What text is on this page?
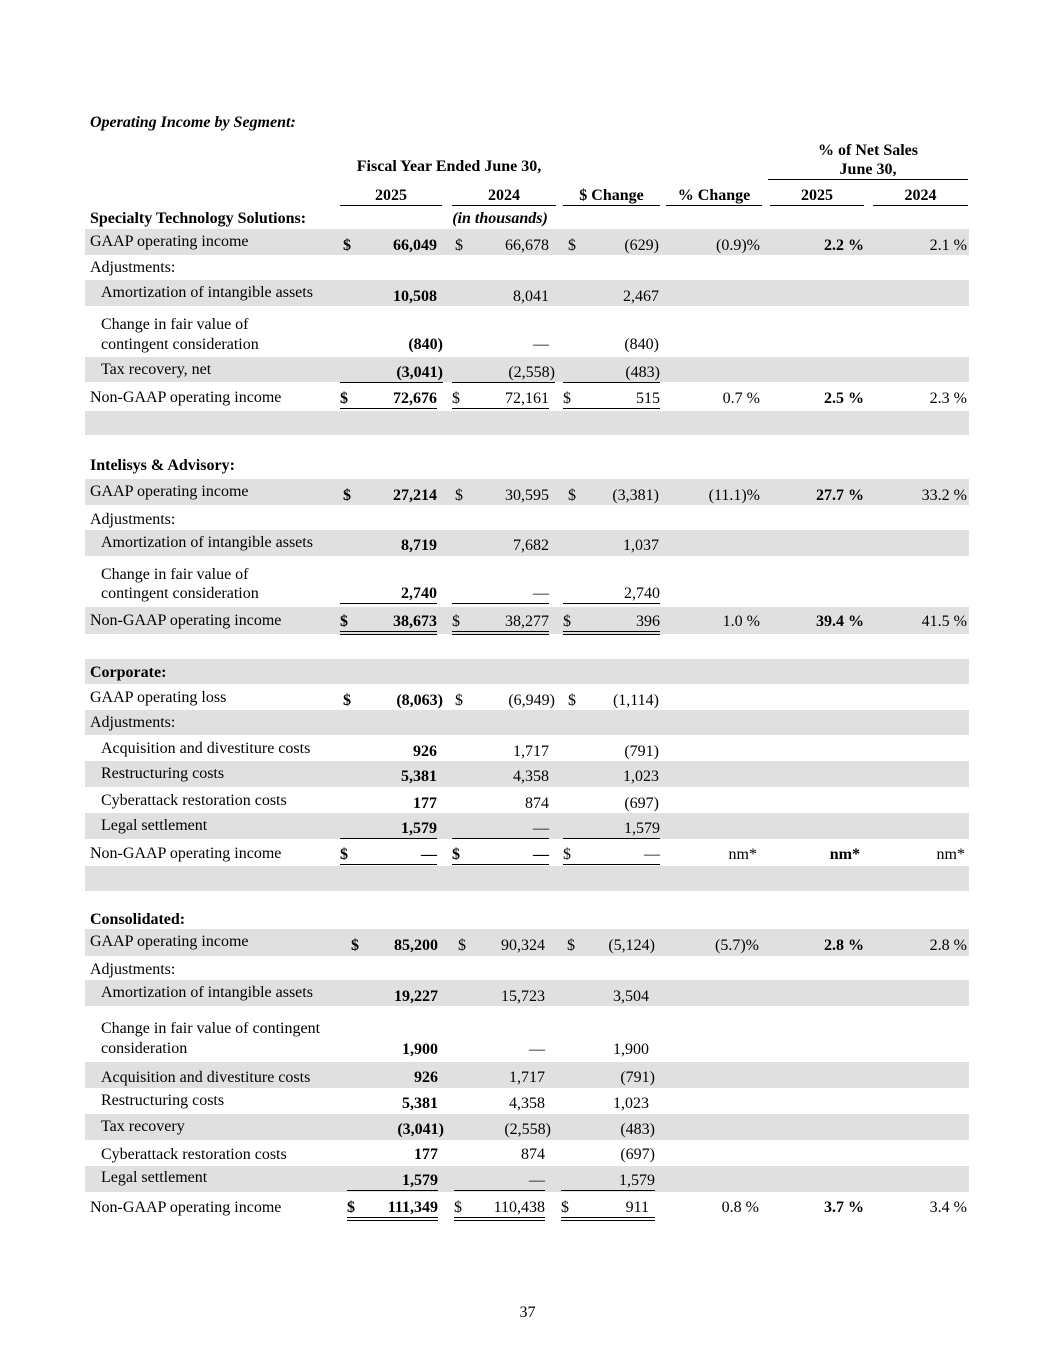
Operating Income by Segment:
Fiscal Year Ended June 30,
% of Net Sales
June 30,
2025	2024	$ Change	% Change	2025	2024
(in thousands)
Specialty Technology Solutions:
GAAP operating income	$	66,049 $	66,678 $	(629)	(0.9)%	2.2 %	2.1 %
Adjustments:
Amortization of intangible assets	10,508	8,041	2,467
Change in fair value of
contingent consideration	(840)	—	(840)
Tax recovery, net	(3,041)	(2,558)	(483)
Non-GAAP operating income	$	72,676 $	72,161 $	515	0.7 %	2.5 %	2.3 %
Intelisys & Advisory:
GAAP operating income	$	27,214 $	30,595 $	(3,381)	(11.1)%	27.7 %	33.2 %
Adjustments:
Amortization of intangible assets	8,719	7,682	1,037
Change in fair value of
contingent consideration	2,740	—	2,740
Non-GAAP operating income	$	38,673 $	38,277 $	396	1.0 %	39.4 %	41.5 %
Corporate:
GAAP operating loss	$	(8,063) $	(6,949) $	(1,114)
Adjustments:
Acquisition and divestiture costs	926	1,717	(791)
Restructuring costs	5,381	4,358	1,023
Cyberattack restoration costs	177	874	(697)
Legal settlement	1,579	—	1,579
Non-GAAP operating income	$	— $	— $	—	nm*	nm*	nm*
Consolidated:
GAAP operating income	$	85,200 $	90,324 $	(5,124)	(5.7)%	2.8 %	2.8 %
Adjustments:
Amortization of intangible assets	19,227	15,723	3,504
Change in fair value of contingent
consideration	1,900	—	1,900
Acquisition and divestiture costs	926	1,717	(791)
Restructuring costs	5,381	4,358	1,023
Tax recovery	(3,041)	(2,558)	(483)
Cyberattack restoration costs	177	874	(697)
Legal settlement	1,579	—	1,579
Non-GAAP operating income	$ 111,349 $ 110,438 $	911	0.8 %	3.7 %	3.4 %
37
